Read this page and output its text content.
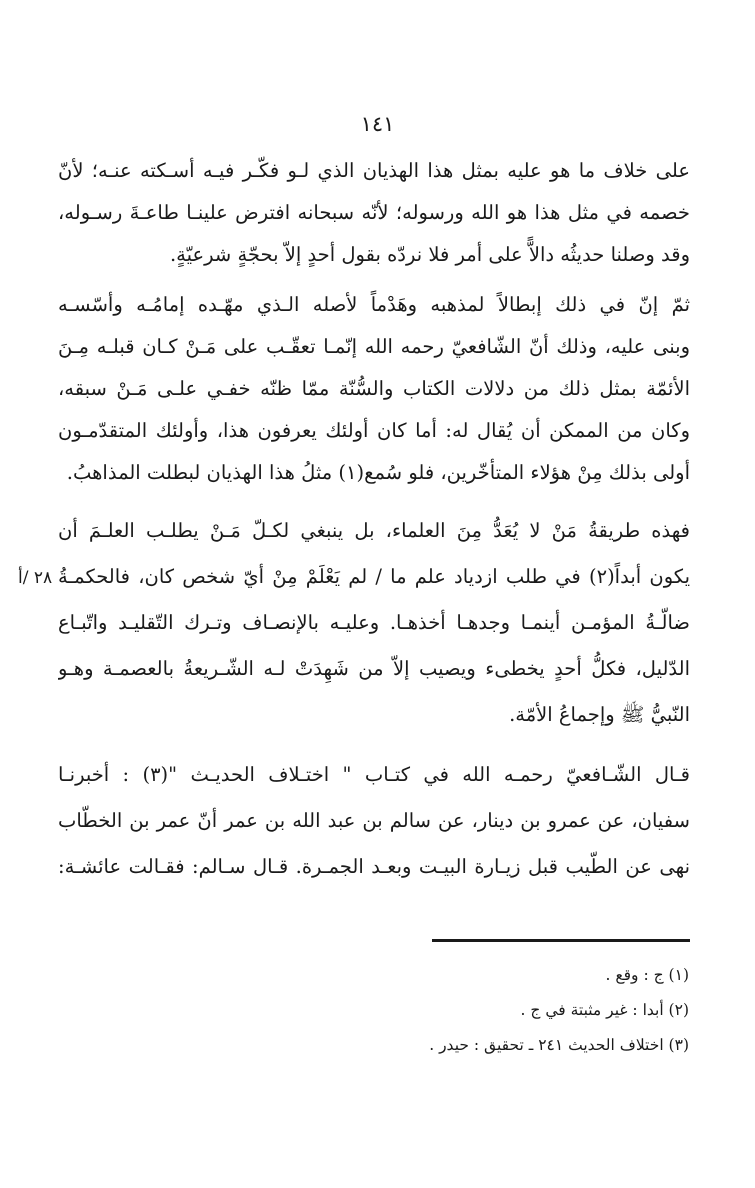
١٤١
٢٨ /أ
على خلاف ما هو عليه بمثل هذا الهذيان الذي لـو فكّـر فيـه أسـكته عنـه؛ لأنّ
خصمه في مثل هذا هو الله ورسوله؛ لأنّه سبحانه افترض علينـا طاعـةَ رسـوله،
وقد وصلنا حديثُه دالاًّ على أمر فلا نردّه بقول أحدٍ إلاّ بحجّةٍ شرعيّةٍ.
ثمّ إنّ في ذلك إبطالاً لمذهبه وهَدْماً لأصله الـذي مهّـده إمامُـه وأسّسـه
وبنى عليه، وذلك أنّ الشّافعيّ رحمه الله إنّمـا تعقّـب على مَـنْ كـان قبلـه مِـنَ
الأئمّة بمثل ذلك من دلالات الكتاب والسُّنّة ممّا ظنّه خفـي علـى مَـنْ سبقه،
وكان من الممكن أن يُقال له: أما كان أولئك يعرفون هذا، وأولئك المتقدّمـون
أولى بذلك مِنْ هؤلاء المتأخّرين، فلو سُمع(١) مثلُ هذا الهذيان لبطلت المذاهبُ.
فهذه طريقةُ مَنْ لا يُعَدُّ مِنَ العلماء، بل ينبغي لكـلّ مَـنْ يطلـب العلـمَ أن
يكون أبداً(٢) في طلب ازدياد علم ما / لم يَعْلَمْ مِنْ أيّ شخص كان، فالحكمـةُ
ضالّـةُ المؤمـن أينمـا وجدهـا أخذهـا. وعليـه بالإنصـاف وتـرك التّقليـد واتّبـاع
الدّليل، فكلُّ أحدٍ يخطىء ويصيب إلاّ من شَهِدَتْ لـه الشّـريعةُ بالعصمـة وهـو
النّبيُّ ﷺ وإجماعُ الأمّة.
قـال الشّـافعيّ رحمـه الله في كتـاب " اختـلاف الحديـث "(٣) : أخبرنـا
سفيان، عن عمرو بن دينار، عن سالم بن عبد الله بن عمر أنّ عمر بن الخطّاب
نهى عن الطّيب قبل زيـارة البيـت وبعـد الجمـرة. قـال سـالم: فقـالت عائشـة:
(١) ج : وقع .
(٢) أبدا : غير مثبتة في ج .
(٣) اختلاف الحديث ٢٤١ ـ تحقيق : حيدر .
